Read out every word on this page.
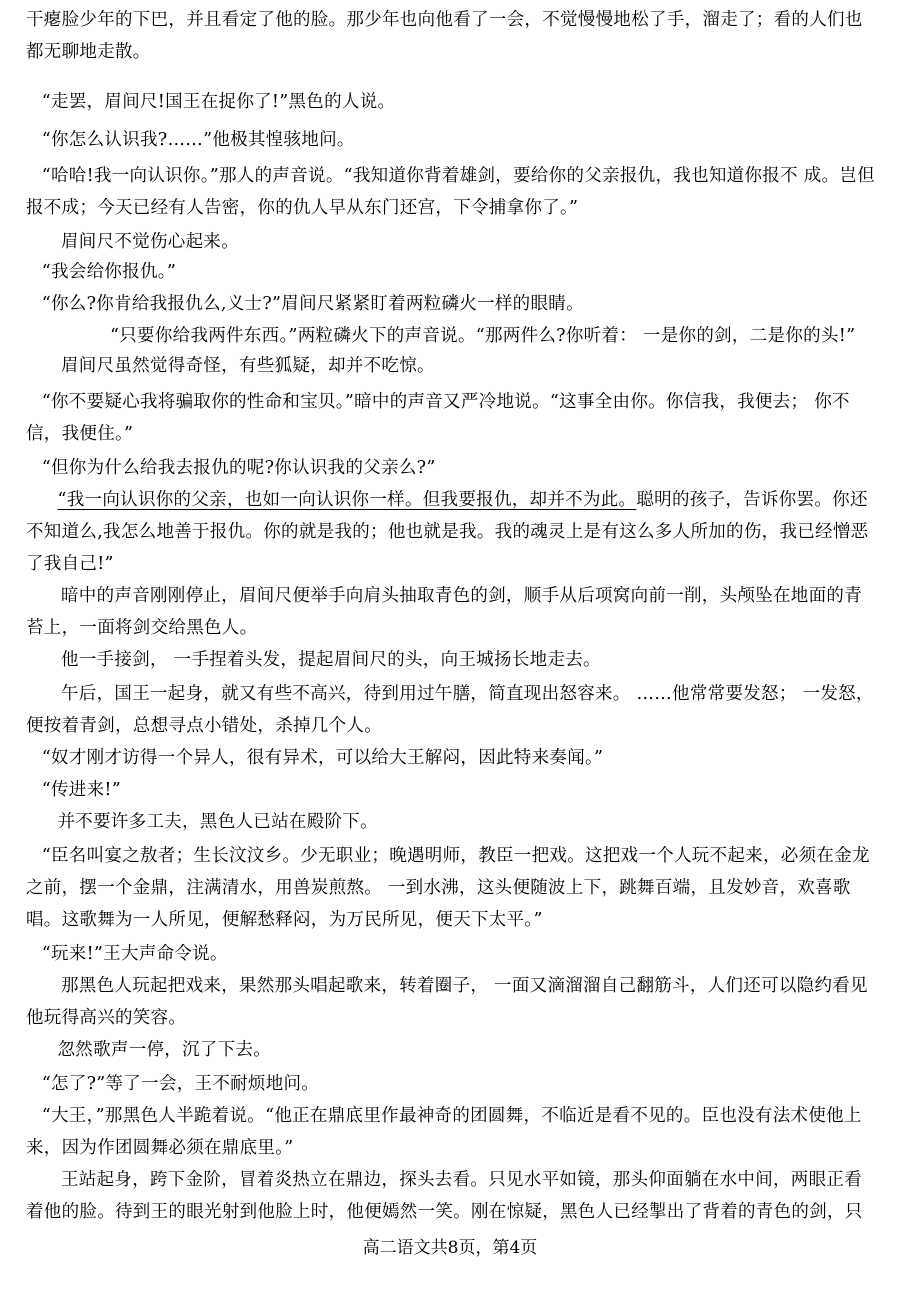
干瘪脸少年的下巴，并且看定了他的脸。那少年也向他看了一会，不觉慢慢地松了手，溜走了；看的人们也都无聊地走散。

“走罢，眉间尺!国王在捉你了!”黑色的人说。

“你怎么认识我?……”他极其惶骇地问。

“哈哈!我一向认识你。”那人的声音说。“我知道你背着雄剑，要给你的父亲报仇，我也知道你报不 成。岂但报不成；今天已经有人告密，你的仇人早从东门还宫，下令捕拿你了。”

眉间尺不觉伤心起来。

“我会给你报仇。”

“你么?你肯给我报仇么,义士?”眉间尺紧紧盯着两粒磷火一样的眼睛。

“只要你给我两件东西。”两粒磷火下的声音说。“那两件么?你听着： 一是你的剑，二是你的头!”

眉间尺虽然觉得奇怪，有些狐疑，却并不吃惊。

“你不要疑心我将骗取你的性命和宝贝。”暗中的声音又严冷地说。“这事全由你。你信我，我便去； 你不信，我便住。”

“但你为什么给我去报仇的呢?你认识我的父亲么?”

“我一向认识你的父亲，也如一向认识你一样。但我要报仇，却并不为此。聪明的孩子，告诉你罢。你还不知道么,我怎么地善于报仇。你的就是我的；他也就是我。我的魂灵上是有这么多人所加的伤，我已经憎恶了我自己!”

暗中的声音刚刚停止，眉间尺便举手向肩头抽取青色的剑，顺手从后项窝向前一削，头颅坠在地面的青苔上，一面将剑交给黑色人。

他一手接剑， 一手捏着头发，提起眉间尺的头，向王城扬长地走去。

午后，国王一起身，就又有些不高兴，待到用过午膳，简直现出怒容来。 ……他常常要发怒； 一发怒，便按着青剑，总想寻点小错处，杀掉几个人。

“奴才刚才访得一个异人，很有异术，可以给大王解闷，因此特来奏闻。”

“传进来!”

并不要许多工夫，黑色人已站在殿阶下。

“臣名叫宴之敖者；生长汶汶乡。少无职业；晚遇明师，教臣一把戏。这把戏一个人玩不起来，必须在金龙之前，摆一个金鼎，注满清水，用兽炭煎熬。 一到水沸，这头便随波上下，跳舞百端，且发妙音，欢喜歌唱。这歌舞为一人所见，便解愁释闷，为万民所见，便天下太平。”

“玩来!”王大声命令说。

那黑色人玩起把戏来，果然那头唱起歌来，转着圈子， 一面又滴溜溜自己翻筋斗，人们还可以隐约看见他玩得高兴的笑容。

忽然歌声一停，沉了下去。

“怎了?”等了一会，王不耐烦地问。

“大王，”那黑色人半跪着说。“他正在鼎底里作最神奇的团圆舞，不临近是看不见的。臣也没有法术使他上来，因为作团圆舞必须在鼎底里。”

王站起身，跨下金阶，冒着炎热立在鼎边，探头去看。只见水平如镜，那头仰面躺在水中间，两眼正看着他的脸。待到王的眼光射到他脸上时，他便嫣然一笑。刚在惊疑，黑色人已经掣出了背着的青色的剑，只

高二语文共8页，第4页
